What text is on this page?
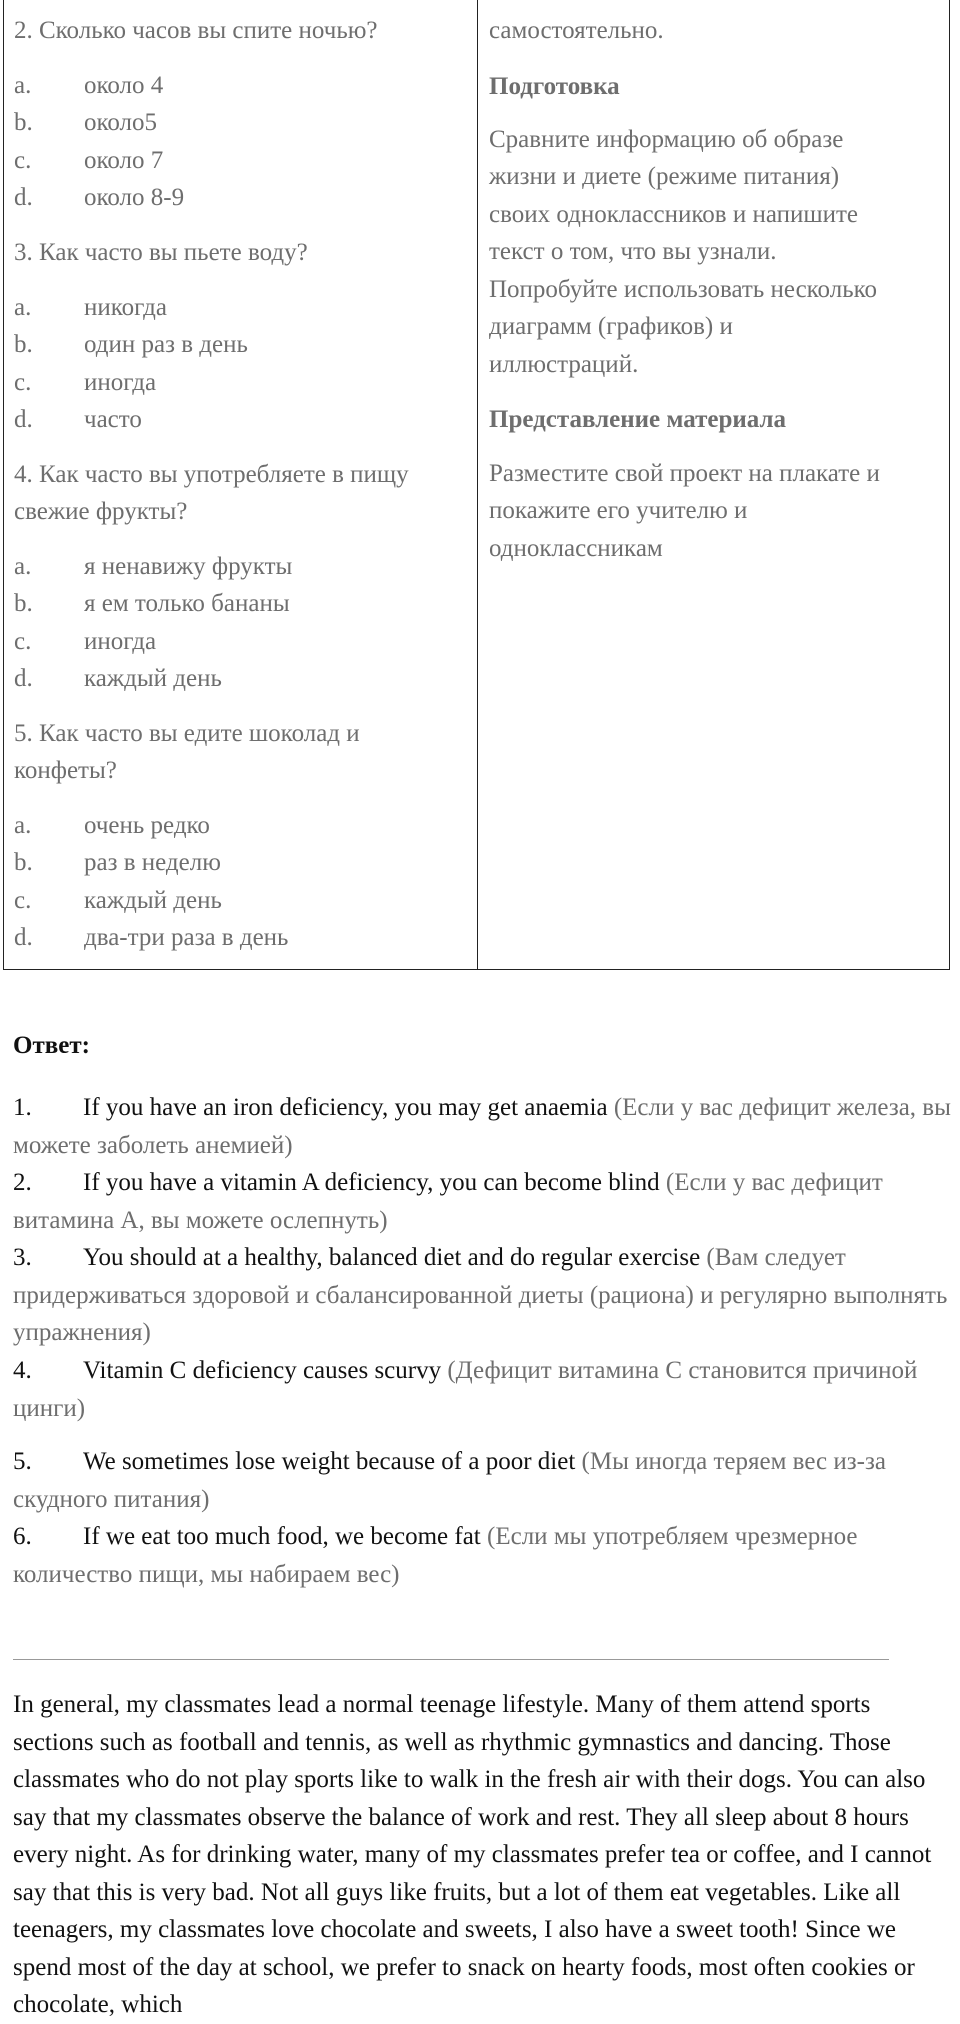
2. Сколько часов вы спите ночью?
a. около 4
b. около5
c. около 7
d. около 8-9
3. Как часто вы пьете воду?
a. никогда
b. один раз в день
c. иногда
d. часто
4. Как часто вы употребляете в пищу
свежие фрукты?
a. я ненавижу фрукты
b. я ем только бананы
c. иногда
d. каждый день
5. Как часто вы едите шоколад и
конфеты?
a. очень редко
b. раз в неделю
c. каждый день
d. два-три раза в день
самостоятельно.
Подготовка
Сравните информацию об образе
жизни и диете (режиме питания)
своих одноклассников и напишите
текст о том, что вы узнали.
Попробуйте использовать несколько
диаграмм (графиков) и
иллюстраций.
Представление материала
Разместите свой проект на плакате и
покажите его учителю и
одноклассникам
Ответ:
1.	If you have an iron deficiency, you may get anaemia (Если у вас дефицит железа, вы можете заболеть анемией)
2.	If you have a vitamin A deficiency, you can become blind (Если у вас дефицит витамина А, вы можете ослепнуть)
3.	You should at a healthy, balanced diet and do regular exercise (Вам следует придерживаться здоровой и сбалансированной диеты (рациона) и регулярно выполнять упражнения)
4.	Vitamin C deficiency causes scurvy (Дефицит витамина С становится причиной цинги)
5.	We sometimes lose weight because of a poor diet (Мы иногда теряем вес из-за скудного питания)
6.	If we eat too much food, we become fat (Если мы употребляем чрезмерное количество пищи, мы набираем вес)
In general, my classmates lead a normal teenage lifestyle. Many of them attend sports sections such as football and tennis, as well as rhythmic gymnastics and dancing. Those classmates who do not play sports like to walk in the fresh air with their dogs. You can also say that my classmates observe the balance of work and rest. They all sleep about 8 hours every night. As for drinking water, many of my classmates prefer tea or coffee, and I cannot say that this is very bad. Not all guys like fruits, but a lot of them eat vegetables. Like all teenagers, my classmates love chocolate and sweets, I also have a sweet tooth! Since we spend most of the day at school, we prefer to snack on hearty foods, most often cookies or chocolate, which
